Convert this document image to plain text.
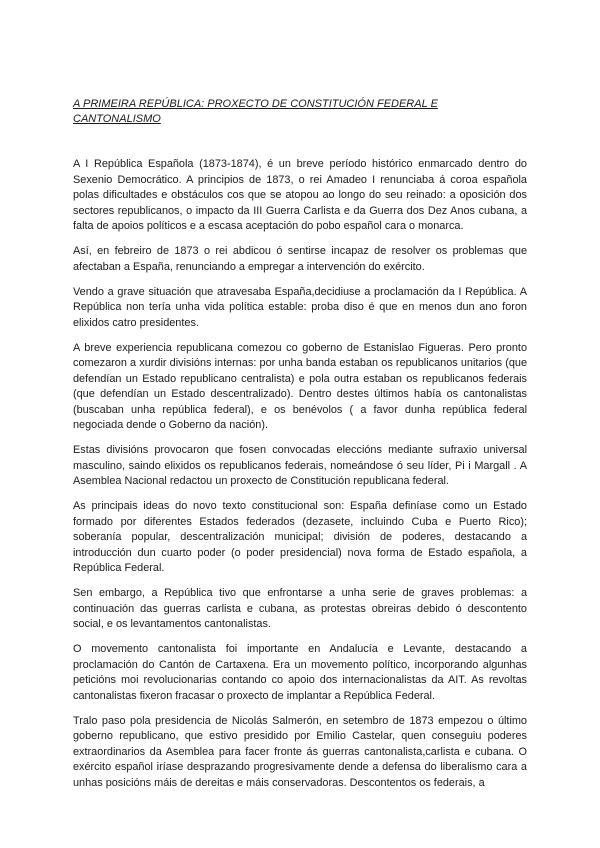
A PRIMEIRA REPÚBLICA: PROXECTO DE CONSTITUCIÓN FEDERAL E CANTONALISMO

A I República Española (1873-1874), é un breve período histórico enmarcado dentro do Sexenio Democrático. A principios de 1873, o rei Amadeo I renunciaba á coroa española polas dificultades e obstáculos cos que se atopou ao longo do seu reinado: a oposición dos sectores republicanos, o impacto da III Guerra Carlista e da Guerra dos Dez Anos cubana, a falta de apoios políticos e a escasa aceptación do pobo español cara o monarca.

Así, en febreiro de 1873 o rei abdicou ó sentirse incapaz de resolver os problemas que afectaban a España, renunciando a empregar a intervención do exército.

Vendo a grave situación que atravesaba España,decidiuse a proclamación da I República. A República non tería unha vida política estable: proba diso é que en menos dun ano foron elixidos catro presidentes.

A breve experiencia republicana comezou co goberno de Estanislao Figueras. Pero pronto comezaron a xurdir divisións internas: por unha banda estaban os republicanos unitarios (que defendían un Estado republicano centralista) e pola outra estaban os republicanos federais (que defendían un Estado descentralizado). Dentro destes últimos había os cantonalistas (buscaban unha república federal), e os benévolos ( a favor dunha república federal negociada dende o Goberno da nación).

Estas divisións provocaron que fosen convocadas eleccións mediante sufraxio universal masculino, saindo elixidos os republicanos federais, nomeándose ó seu líder, Pi i Margall . A Asemblea Nacional redactou un proxecto de Constitución republicana federal.

As principais ideas do novo texto constitucional son: España definíase como un Estado formado por diferentes Estados federados (dezasete, incluindo Cuba e Puerto Rico); soberanía popular, descentralización municipal; división de poderes, destacando a introducción dun cuarto poder (o poder presidencial) nova forma de Estado española, a República Federal.

Sen embargo, a República tivo que enfrontarse a unha serie de graves problemas: a continuación das guerras carlista e cubana, as protestas obreiras debido ó descontento social, e os levantamentos cantonalistas.

O movemento cantonalista foi importante en Andalucía e Levante, destacando a proclamación do Cantón de Cartaxena. Era un movemento político, incorporando algunhas peticións moi revolucionarias contando co apoio dos internacionalistas da AIT. As revoltas cantonalistas fixeron fracasar o proxecto de implantar a República Federal.

Tralo paso pola presidencia de Nicolás Salmerón, en setembro de 1873 empezou o último goberno republicano, que estivo presidido por Emilio Castelar, quen conseguiu poderes extraordinarios da Asemblea para facer fronte ás guerras cantonalista,carlista e cubana. O exército español iríase desprazando progresivamente dende a defensa do liberalismo cara a unhas posicións máis de dereitas e máis conservadoras. Descontentos os federais, a
